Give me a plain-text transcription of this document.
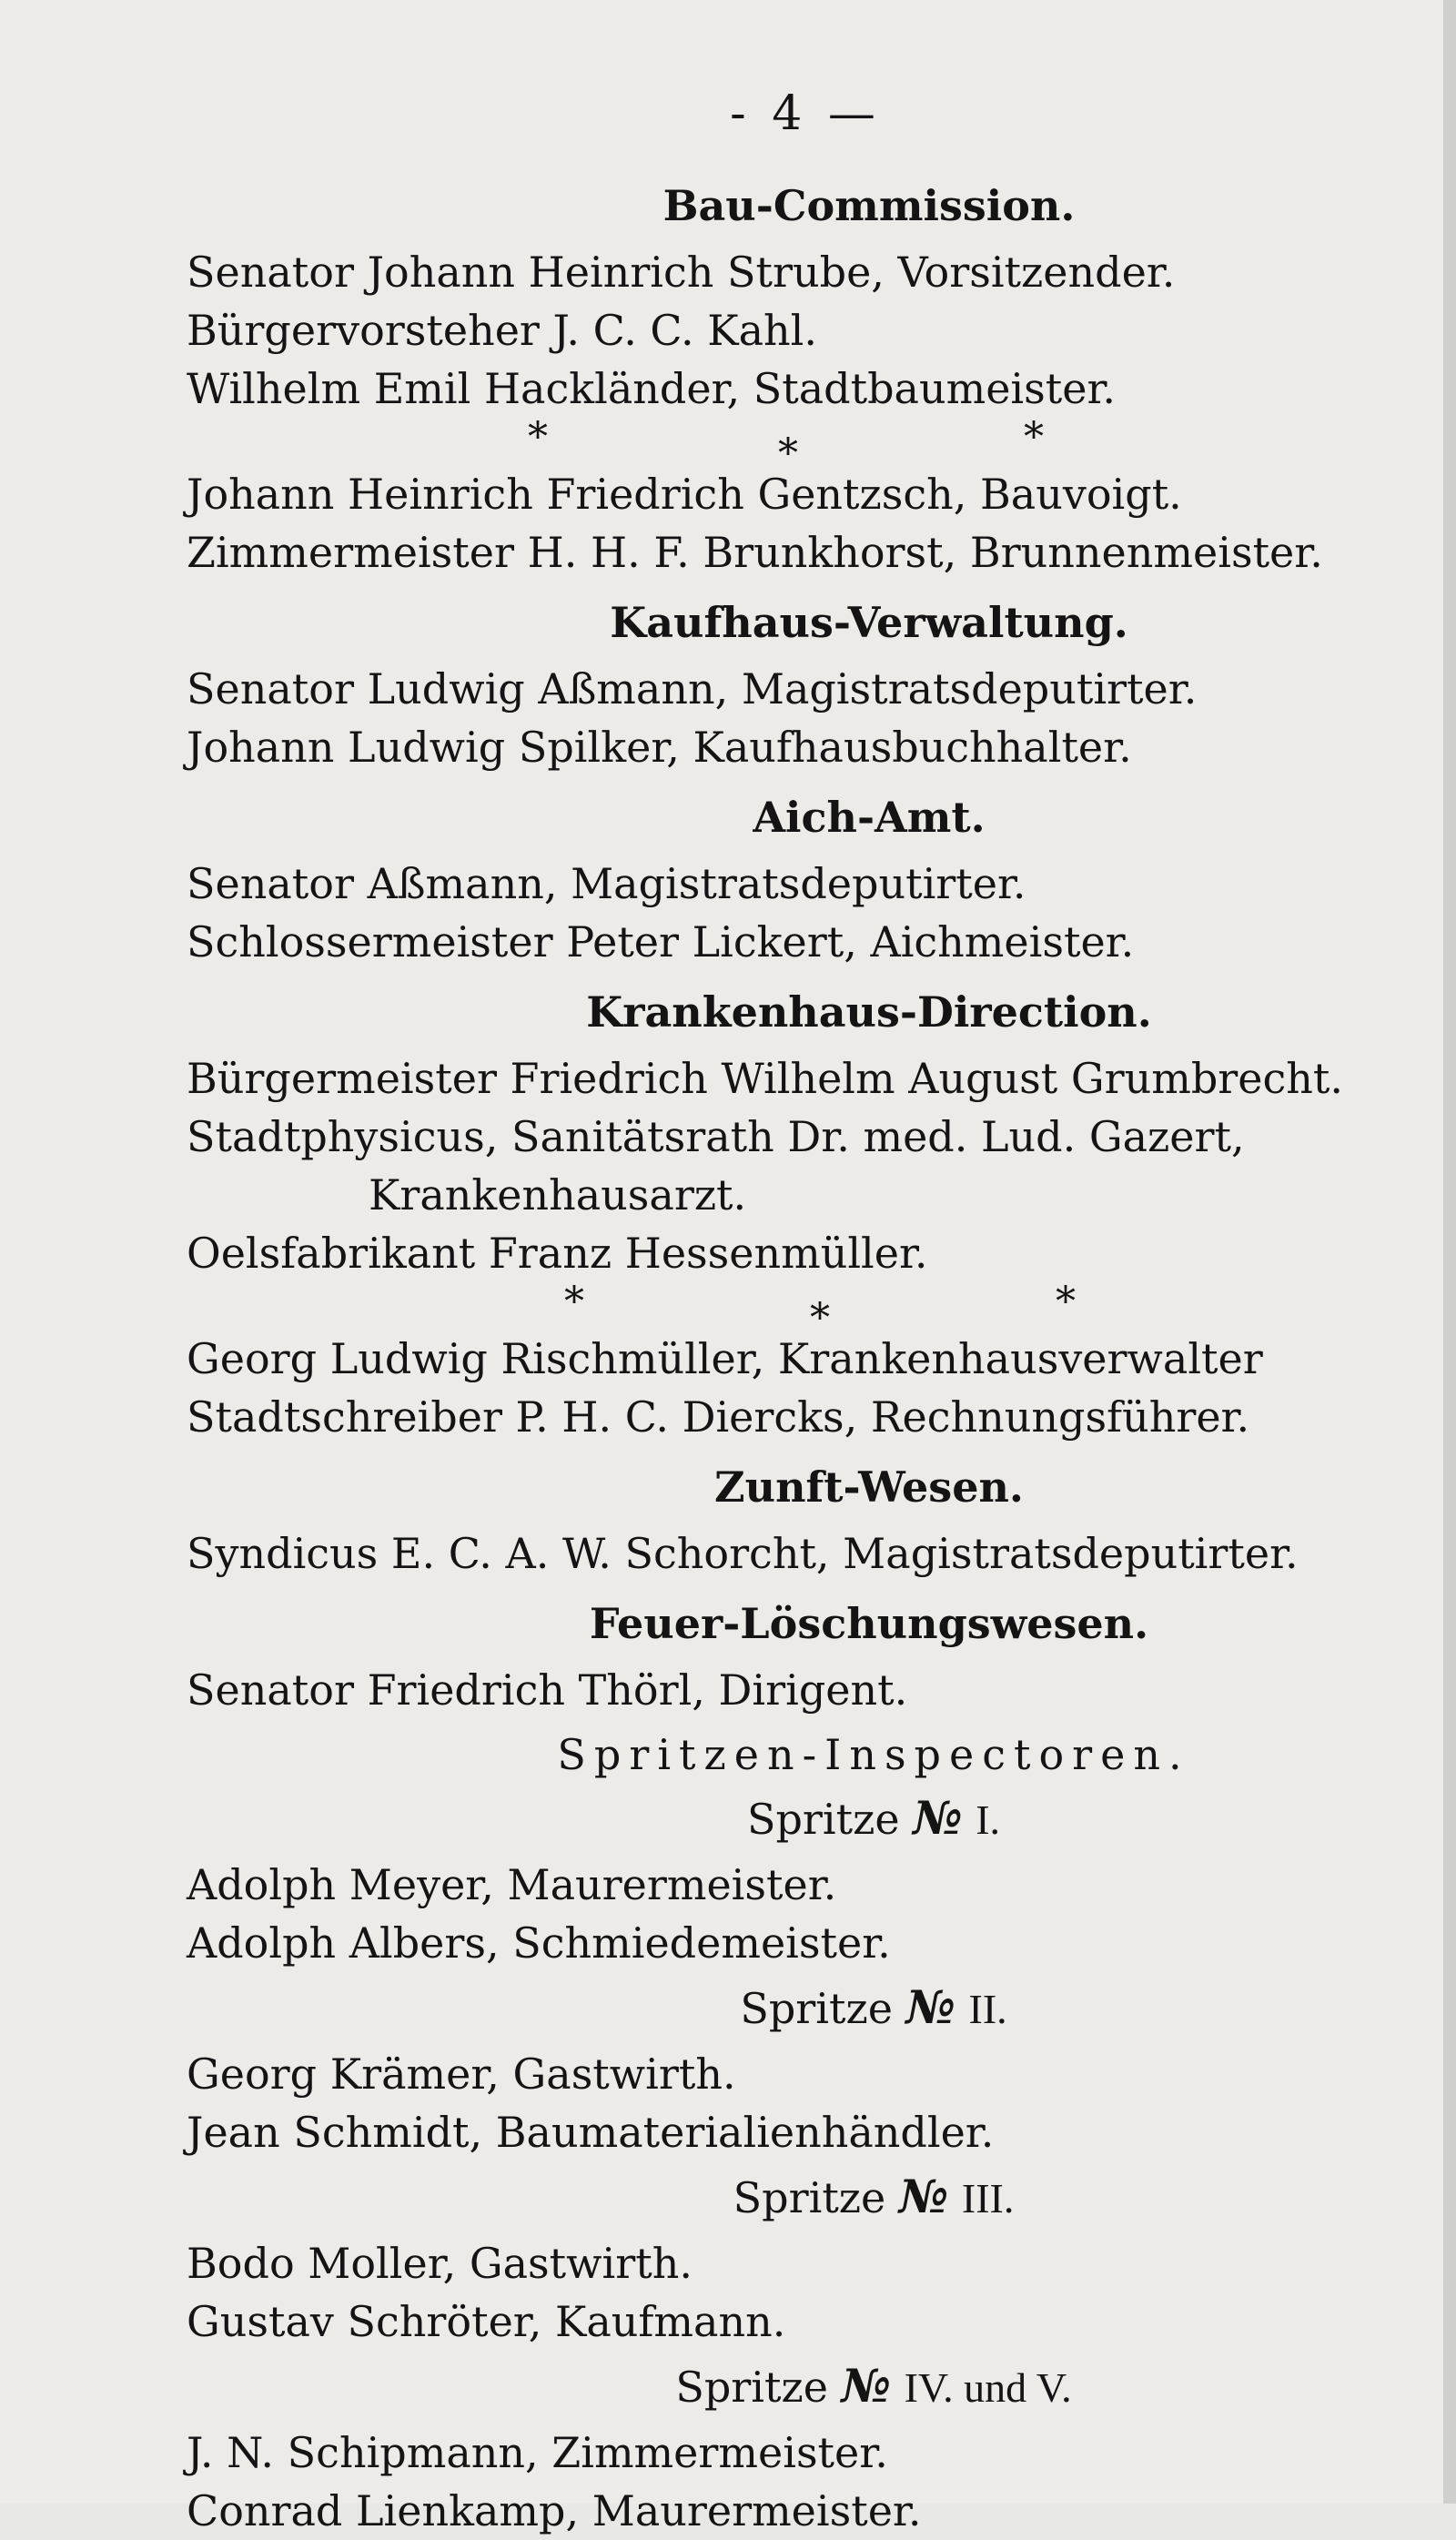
- 4 —

Bau-Commission.

Senator Johann Heinrich Strube, Vorsitzender.

Bürgervorsteher J. C. C. Kahl.

Wilhelm Emil Hackländer, Stadtbaumeister.

*	*	*

Johann Heinrich Friedrich Gentzsch, Bauvoigt.

Zimmermeister H. H. F. Brunkhorst, Brunnenmeister.

Kaufhaus-Verwaltung.

Senator Ludwig Aßmann, Magistratsdeputirter.

Johann Ludwig Spilker, Kaufhausbuchhalter.

Aich-Amt.

Senator Aßmann, Magistratsdeputirter.

Schlossermeister Peter Lickert, Aichmeister.

Krankenhaus-Direction.

Bürgermeister Friedrich Wilhelm August Grumbrecht.

Stadtphysicus, Sanitätsrath Dr. med. Lud. Gazert,

Krankenhausarzt.

Oelsfabrikant Franz Hessenmüller.

*	*	*

Georg Ludwig Rischmüller, Krankenhausverwalter

Stadtschreiber P. H. C. Diercks, Rechnungsführer.

Zunft-Wesen.

Syndicus E. C. A. W. Schorcht, Magistratsdeputirter.

Feuer-Löschungswesen.

Senator Friedrich Thörl, Dirigent.

Spritzen-Inspectoren.

Spritze № I.

Adolph Meyer, Maurermeister.

Adolph Albers, Schmiedemeister.

Spritze № II.

Georg Krämer, Gastwirth.

Jean Schmidt, Baumaterialienhändler.

Spritze № III.

Bodo Moller, Gastwirth.

Gustav Schröter, Kaufmann.

Spritze № IV. und V.

J. N. Schipmann, Zimmermeister.

Conrad Lienkamp, Maurermeister.
